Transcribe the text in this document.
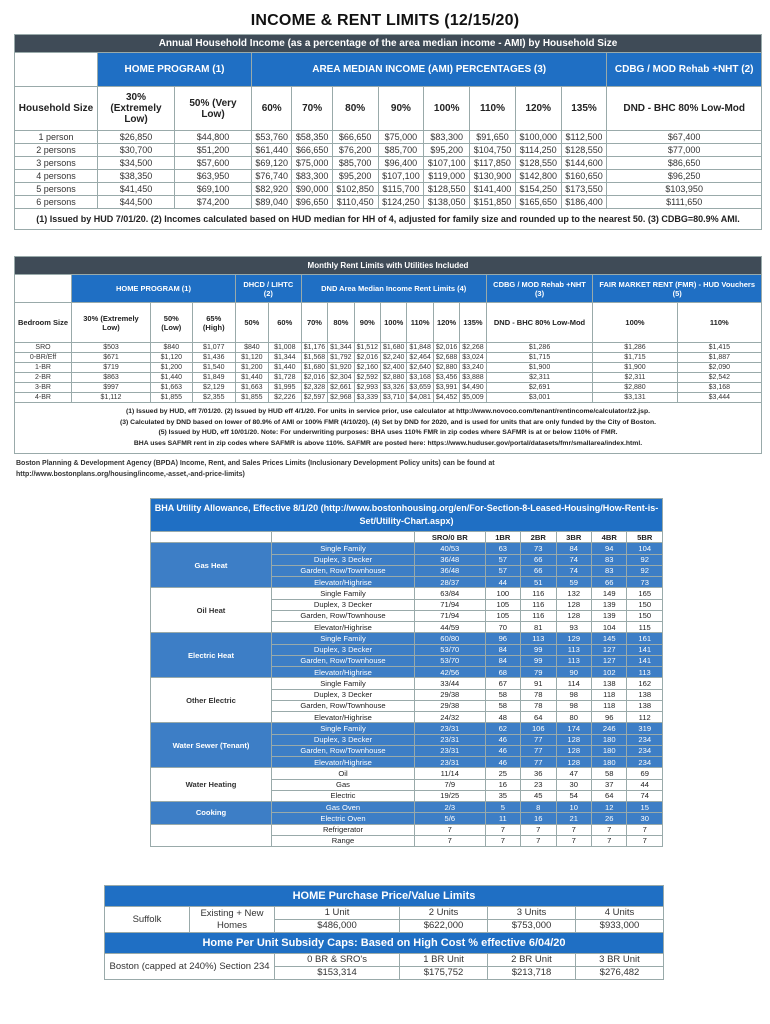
INCOME & RENT LIMITS (12/15/20)
Annual Household Income (as a percentage of the area median income - AMI) by Household Size											
	HOME PROGRAM (1)		AREA MEDIAN INCOME (AMI) PERCENTAGES (3)								CDBG / MOD Rehab +NHT (2)
Household Size	30% (Extremely Low)	50% (Very Low)	60%	70%	80%	90%	100%	110%	120%	135%	DND - BHC 80% Low-Mod
1 person	$26,850	$44,800	$53,760	$58,350	$66,650	$75,000	$83,300	$91,650	$100,000	$112,500	$67,400
2 persons	$30,700	$51,200	$61,440	$66,650	$76,200	$85,700	$95,200	$104,750	$114,250	$128,550	$77,000
3 persons	$34,500	$57,600	$69,120	$75,000	$85,700	$96,400	$107,100	$117,850	$128,550	$144,600	$86,650
4 persons	$38,350	$63,950	$76,740	$83,300	$95,200	$107,100	$119,000	$130,900	$142,800	$160,650	$96,250
5 persons	$41,450	$69,100	$82,920	$90,000	$102,850	$115,700	$128,550	$141,400	$154,250	$173,550	$103,950
6 persons	$44,500	$74,200	$89,040	$96,650	$110,450	$124,250	$138,050	$151,850	$165,650	$186,400	$111,650
(1) Issued by HUD 7/01/20. (2) Incomes calculated based on HUD median for HH of 4, adjusted for family size and rounded up to the nearest 50. (3) CDBG=80.9% AMI.											
Monthly Rent Limits with Utilities Included															
	HOME PROGRAM (1)			DHCD / LIHTC (2)		DND Area Median Income Rent Limits (4)							CDBG / MOD Rehab +NHT (3)	FAIR MARKET RENT (FMR) - HUD Vouchers (5)	
Bedroom Size	30% (Extremely Low)	50% (Low)	65% (High)	50%	60%	70%	80%	90%	100%	110%	120%	135%	DND - BHC 80% Low-Mod	100%	110%
SRO	$503	$840	$1,077	$840	$1,008	$1,176	$1,344	$1,512	$1,680	$1,848	$2,016	$2,268	$1,286	$1,286	$1,415
0-BR/Eff	$671	$1,120	$1,436	$1,120	$1,344	$1,568	$1,792	$2,016	$2,240	$2,464	$2,688	$3,024	$1,715	$1,715	$1,887
1-BR	$719	$1,200	$1,540	$1,200	$1,440	$1,680	$1,920	$2,160	$2,400	$2,640	$2,880	$3,240	$1,900	$1,900	$2,090
2-BR	$863	$1,440	$1,849	$1,440	$1,728	$2,016	$2,304	$2,592	$2,880	$3,168	$3,456	$3,888	$2,311	$2,311	$2,542
3-BR	$997	$1,663	$2,129	$1,663	$1,995	$2,328	$2,661	$2,993	$3,326	$3,659	$3,991	$4,490	$2,691	$2,880	$3,168
4-BR	$1,112	$1,855	$2,355	$1,855	$2,226	$2,597	$2,968	$3,339	$3,710	$4,081	$4,452	$5,009	$3,001	$3,131	$3,444

(1) Issued by HUD, eff 7/01/20. (2) Issued by HUD eff 4/1/20. For units in service prior, use calculator at http://www.novoco.com/tenant/rentincome/calculator/z2.jsp.
(3) Calculated by DND based on lower of 80.9% of AMI or 100% FMR (4/10/20). (4) Set by DND for 2020, and is used for units that are only funded by the City of Boston.
(5) Issued by HUD, eff 10/01/20. Note: For underwriting purposes: BHA uses 110% FMR in zip codes where SAFMR is at or below 110% of FMR.
BHA uses SAFMR rent in zip codes where SAFMR is above 110%. SAFMR are posted here: https://www.huduser.gov/portal/datasets/fmr/smallarea/index.html.															
Boston Planning & Development Agency (BPDA) Income, Rent, and Sales Prices Limits (Inclusionary Development Policy units) can be found at http://www.bostonplans.org/housing/income,-asset,-and-price-limits)
BHA Utility Allowance, Effective 8/1/20 (http://www.bostonhousing.org/en/For-Section-8-Leased-Housing/How-Rent-is-Set/Utility-Chart.aspx)							
		SRO/0 BR	1BR	2BR	3BR	4BR	5BR
Gas Heat	Single Family	40/53	63	73	84	94	104
	Duplex, 3 Decker	36/48	57	66	74	83	92
	Garden, Row/Townhouse	36/48	57	66	74	83	92
	Elevator/Highrise	28/37	44	51	59	66	73
Oil Heat	Single Family	63/84	100	116	132	149	165
	Duplex, 3 Decker	71/94	105	116	128	139	150
	Garden, Row/Townhouse	71/94	105	116	128	139	150
	Elevator/Highrise	44/59	70	81	93	104	115
Electric Heat	Single Family	60/80	96	113	129	145	161
	Duplex, 3 Decker	53/70	84	99	113	127	141
	Garden, Row/Townhouse	53/70	84	99	113	127	141
	Elevator/Highrise	42/56	68	79	90	102	113
Other Electric	Single Family	33/44	67	91	114	138	162
	Duplex, 3 Decker	29/38	58	78	98	118	138
	Garden, Row/Townhouse	29/38	58	78	98	118	138
	Elevator/Highrise	24/32	48	64	80	96	112
Water Sewer (Tenant)	Single Family	23/31	62	106	174	246	319
	Duplex, 3 Decker	23/31	46	77	128	180	234
	Garden, Row/Townhouse	23/31	46	77	128	180	234
	Elevator/Highrise	23/31	46	77	128	180	234
Water Heating	Oil	11/14	25	36	47	58	69
	Gas	7/9	16	23	30	37	44
	Electric	19/25	35	45	54	64	74
Cooking	Gas Oven	2/3	5	8	10	12	15
	Electric Oven	5/6	11	16	21	26	30
	Refrigerator	7	7	7	7	7	7
	Range	7	7	7	7	7	7
HOME Purchase Price/Value Limits					
Suffolk	Existing + New Homes	1 Unit	2 Units	3 Units	4 Units
		$486,000	$622,000	$753,000	$933,000
Home Per Unit Subsidy Caps: Based on High Cost % effective 6/04/20					
Boston (capped at 240%) Section 234		0 BR & SRO's	1 BR Unit	2 BR Unit	3 BR Unit
		$153,314	$175,752	$213,718	$276,482
